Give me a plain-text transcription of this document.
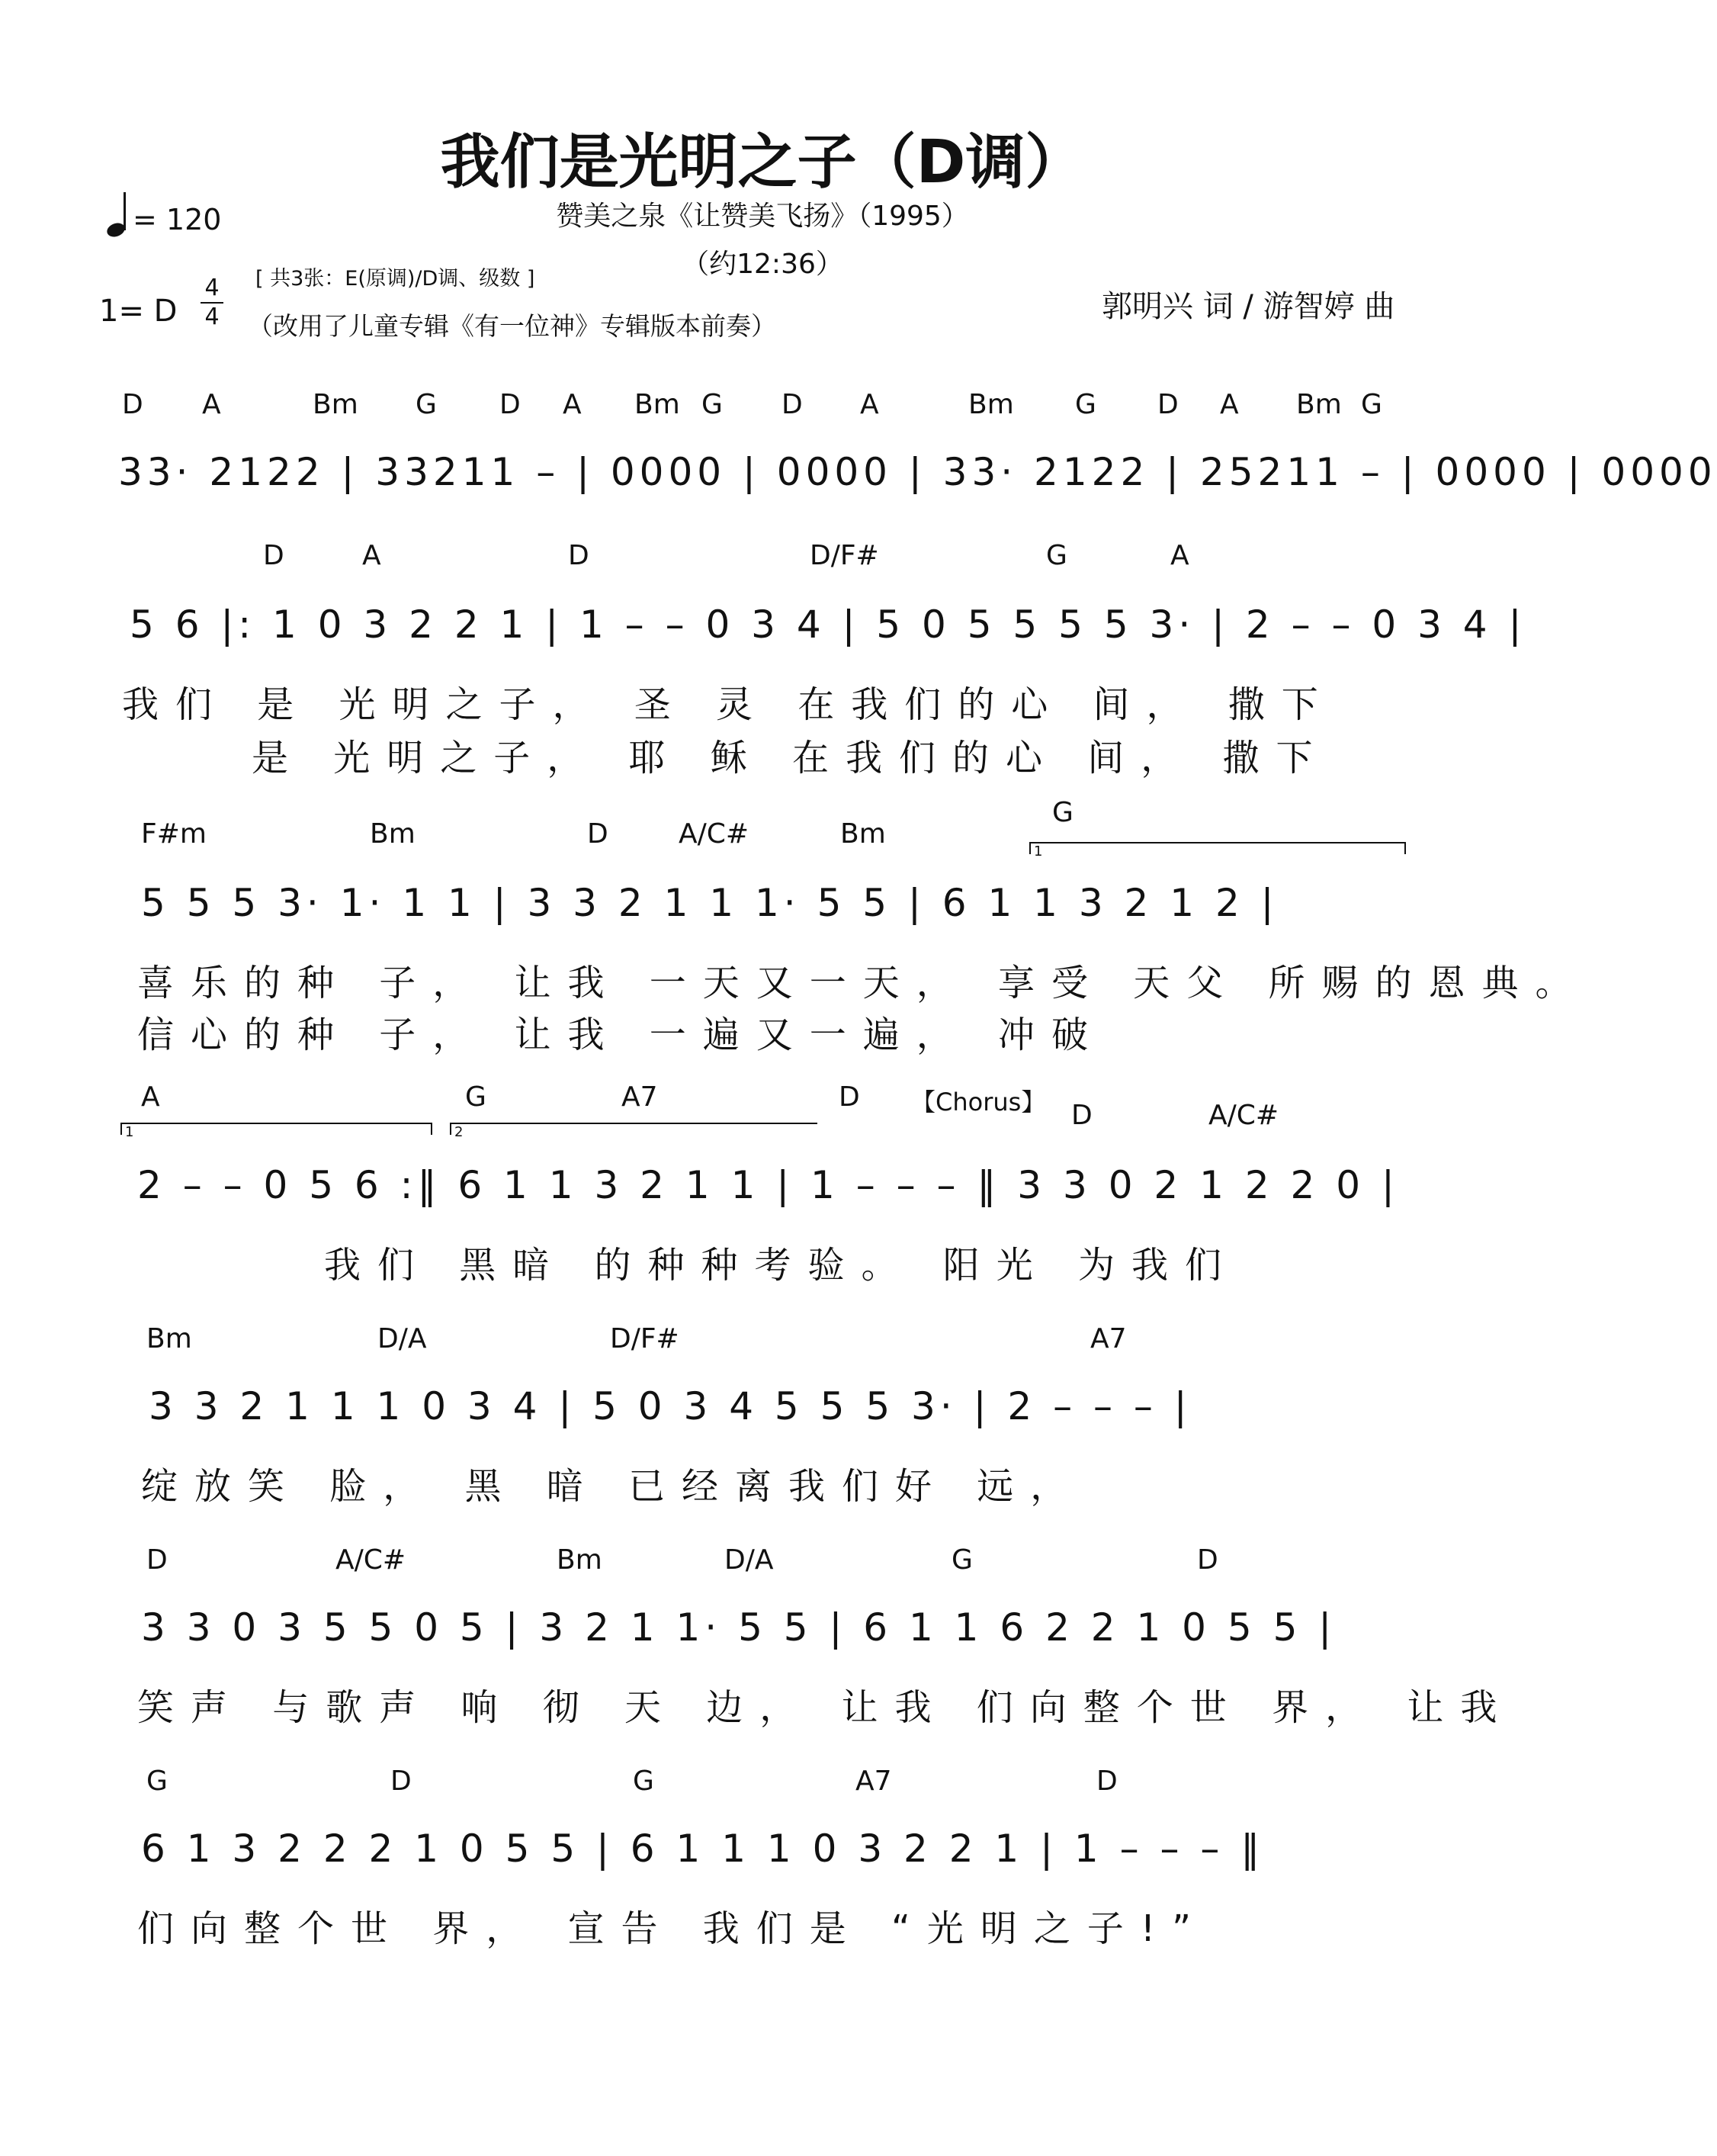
我们是光明之子（D调）
赞美之泉《让赞美飞扬》（1995）
（约12:36）
= 120
[ 共3张：E(原调)/D调、级数 ]
1= D
4
4 （改用了儿童专辑《有一位神》专辑版本前奏）
郭明兴 词 / 游智婷 曲
D A	Bm G D A Bm G D A	Bm G D A Bm G
33· 2122 | 33211 – | 0000 | 0000 | 33· 2122 | 25211 – | 0000 | 0000
D	A	D	D/F#	G	A
5 6 |: 1 0 3 2 2 1 | 1 – – 0 3 4 | 5 0 5 5 5 5 3· | 2 – – 0 3 4 |
我们 是 光明之子， 圣 灵 在我们的心 间， 撒下
是 光明之子， 耶 稣 在我们的心 间， 撒下
F#m	Bm	D	A/C#	Bm
G
1
5 5 5 3· 1· 1 1 | 3 3 2 1 1 1· 5 5 | 6 1 1 3 2 1 2 |
喜乐的种 子， 让我 一天又一天， 享受 天父 所赐的恩典。
信心的种 子， 让我 一遍又一遍， 冲破
A	G	A7	D 【Chorus】 D	A/C#
1	2
2 – – 0 5 6 :‖ 6 1 1 3 2 1 1 | 1 – – – ‖ 3 3 0 2 1 2 2 0 |
我们 黑暗 的种种考验。 阳光 为我们
Bm	D/A	D/F#	A7
3 3 2 1 1 1 0 3 4 | 5 0 3 4 5 5 5 3· | 2 – – – |
绽放笑 脸， 黑 暗 已经离我们好 远，
D	A/C#	Bm	D/A	G	D
3 3 0 3 5 5 0 5 | 3 2 1 1· 5 5 | 6 1 1 6 2 2 1 0 5 5 |
笑声 与歌声 响 彻 天 边， 让我 们向整个世 界， 让我
G	D	G	A7	D
6 1 3 2 2 2 1 0 5 5 | 6 1 1 1 0 3 2 2 1 | 1 – – – ‖
们向整个世 界， 宣告 我们是 “光明之子!”
